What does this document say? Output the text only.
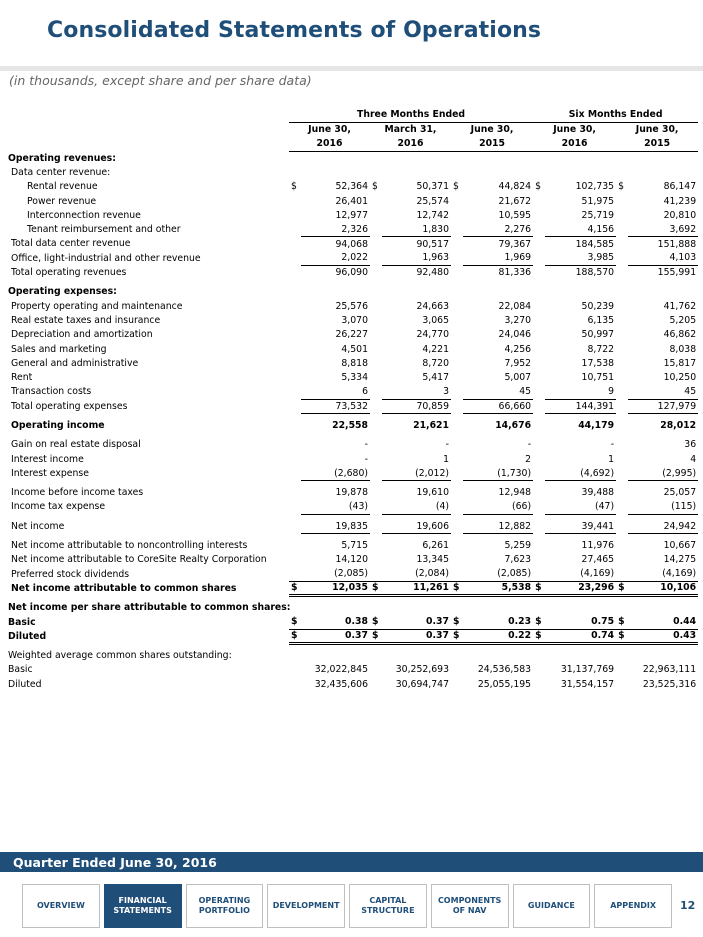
Consolidated Statements of Operations
(in thousands, except share and per share data)
	Three Months Ended						Six Months Ended			
	June 30,		March 31,		June 30,		June 30,		June 30,	
	2016		2016		2015		2016		2015	
Operating revenues:										
Data center revenue:										
Rental revenue	$	52,364	$	50,371	$	44,824	$	102,735	$	86,147
Power revenue		26,401		25,574		21,672		51,975		41,239
Interconnection revenue		12,977		12,742		10,595		25,719		20,810
Tenant reimbursement and other		2,326		1,830		2,276		4,156		3,692
Total data center revenue		94,068		90,517		79,367		184,585		151,888
Office, light-industrial and other revenue		2,022		1,963		1,969		3,985		4,103
Total operating revenues		96,090		92,480		81,336		188,570		155,991

Operating expenses:										
Property operating and maintenance		25,576		24,663		22,084		50,239		41,762
Real estate taxes and insurance		3,070		3,065		3,270		6,135		5,205
Depreciation and amortization		26,227		24,770		24,046		50,997		46,862
Sales and marketing		4,501		4,221		4,256		8,722		8,038
General and administrative		8,818		8,720		7,952		17,538		15,817
Rent		5,334		5,417		5,007		10,751		10,250
Transaction costs		6		3		45		9		45
Total operating expenses		73,532		70,859		66,660		144,391		127,979

Operating income		22,558		21,621		14,676		44,179		28,012

Gain on real estate disposal		-		-		-		-		36
Interest income		-		1		2		1		4
Interest expense		(2,680)		(2,012)		(1,730)		(4,692)		(2,995)

Income before income taxes		19,878		19,610		12,948		39,488		25,057
Income tax expense		(43)		(4)		(66)		(47)		(115)

Net income		19,835		19,606		12,882		39,441		24,942

Net income attributable to noncontrolling interests		5,715		6,261		5,259		11,976		10,667
Net income attributable to CoreSite Realty Corporation		14,120		13,345		7,623		27,465		14,275
Preferred stock dividends		(2,085)		(2,084)		(2,085)		(4,169)		(4,169)
Net income attributable to common shares	$	12,035	$	11,261	$	5,538	$	23,296	$	10,106

Net income per share attributable to common shares:										
Basic	$	0.38	$	0.37	$	0.23	$	0.75	$	0.44
Diluted	$	0.37	$	0.37	$	0.22	$	0.74	$	0.43

Weighted average common shares outstanding:										
Basic		32,022,845		30,252,693		24,536,583		31,137,769		22,963,111
Diluted		32,435,606		30,694,747		25,055,195		31,554,157		23,525,316
Quarter Ended June 30, 2016
OVERVIEW
FINANCIAL
STATEMENTS
OPERATING
PORTFOLIO
DEVELOPMENT
CAPITAL
STRUCTURE
COMPONENTS
OF NAV
GUIDANCE	APPENDIX	12
